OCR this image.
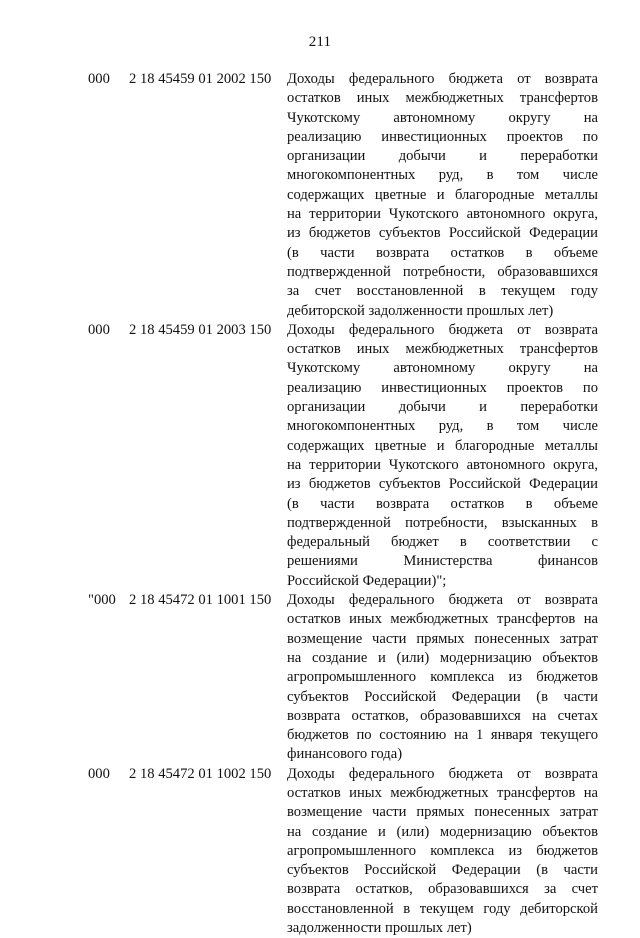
211
000 2 18 45459 01 2002 150 Доходы федерального бюджета от возврата
остатков иных межбюджетных трансфертов
Чукотскому автономному округу на
реализацию инвестиционных проектов по
организации добычи и переработки
многокомпонентных руд, в том числе
содержащих цветные и благородные металлы
на территории Чукотского автономного округа,
из бюджетов субъектов Российской Федерации
(в части возврата остатков в объеме
подтвержденной потребности, образовавшихся
за счет восстановленной в текущем году
дебиторской задолженности прошлых лет)
000 2 18 45459 01 2003 150 Доходы федерального бюджета от возврата
остатков иных межбюджетных трансфертов
Чукотскому автономному округу на
реализацию инвестиционных проектов по
организации добычи и переработки
многокомпонентных руд, в том числе
содержащих цветные и благородные металлы
на территории Чукотского автономного округа,
из бюджетов субъектов Российской Федерации
(в части возврата остатков в объеме
подтвержденной потребности, взысканных в
федеральный бюджет в соответствии с
решениями Министерства финансов
Российской Федерации)";
"000 2 18 45472 01 1001 150 Доходы федерального бюджета от возврата
остатков иных межбюджетных трансфертов на
возмещение части прямых понесенных затрат
на создание и (или) модернизацию объектов
агропромышленного комплекса из бюджетов
субъектов Российской Федерации (в части
возврата остатков, образовавшихся на счетах
бюджетов по состоянию на 1 января текущего
финансового года)
000 2 18 45472 01 1002 150 Доходы федерального бюджета от возврата
остатков иных межбюджетных трансфертов на
возмещение части прямых понесенных затрат
на создание и (или) модернизацию объектов
агропромышленного комплекса из бюджетов
субъектов Российской Федерации (в части
возврата остатков, образовавшихся за счет
восстановленной в текущем году дебиторской
задолженности прошлых лет)
